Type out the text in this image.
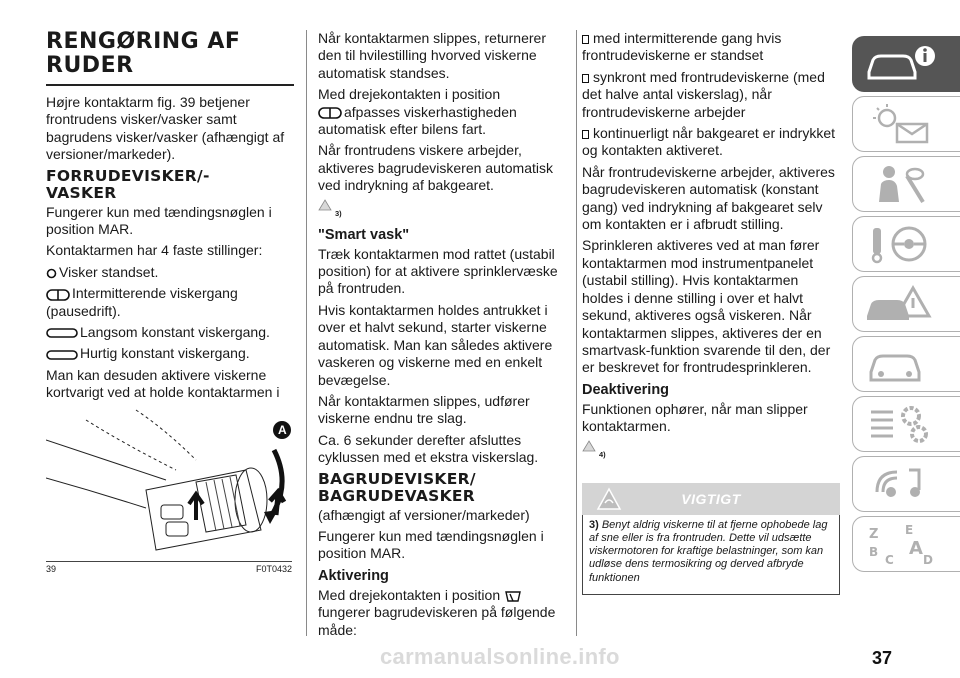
RENGØRING AF
RUDER

Højre kontaktarm fig. 39 betjener frontrudens visker/vasker samt bagrudens visker/vasker (afhængigt af versioner/markeder).

FORRUDEVISKER/-
VASKER

Fungerer kun med tændingsnøglen i position MAR.

Kontaktarmen har 4 faste stillinger:

Visker standset.

Intermitterende viskergang (pausedrift).

Langsom konstant viskergang.

Hurtig konstant viskergang.

Man kan desuden aktivere viskerne kortvarigt ved at holde kontaktarmen i

A
39	F0T0432

Når kontaktarmen slippes, returnerer den til hvilestilling hvorved viskerne automatisk standses.

Med drejekontakten i position
afpasses viskerhastigheden automatisk efter bilens fart.

Når frontrudens viskere arbejder, aktiveres bagrudeviskeren automatisk ved indrykning af bakgearet.

3)
"Smart vask"

Træk kontaktarmen mod rattet (ustabil position) for at aktivere sprinklervæske på frontruden.

Hvis kontaktarmen holdes antrukket i over et halvt sekund, starter viskerne automatisk. Man kan således aktivere vaskeren og viskerne med en enkelt bevægelse.

Når kontaktarmen slippes, udfører viskerne endnu tre slag.

Ca. 6 sekunder derefter afsluttes cyklussen med et ekstra viskerslag.

BAGRUDEVISKER/
BAGRUDEVASKER

(afhængigt af versioner/markeder)

Fungerer kun med tændingsnøglen i position MAR.

Aktivering

Med drejekontakten i position
fungerer bagrudeviskeren på følgende måde:

med intermitterende gang hvis frontrudeviskerne er standset

synkront med frontrudeviskerne (med det halve antal viskerslag), når frontrudeviskerne arbejder

kontinuerligt når bakgearet er indrykket og kontakten aktiveret.

Når frontrudeviskerne arbejder, aktiveres bagrudeviskeren automatisk (konstant gang) ved indrykning af bakgearet selv om kontakten er i afbrudt stilling.

Sprinkleren aktiveres ved at man fører kontaktarmen mod instrumentpanelet (ustabil stilling). Hvis kontaktarmen holdes i denne stilling i over et halvt sekund, aktiveres også viskeren. Når kontaktarmen slippes, aktiveres der en smartvask-funktion svarende til den, der er beskrevet for frontrudesprinkleren.

Deaktivering

Funktionen ophører, når man slipper kontaktarmen.

4)
VIGTIGT
3) Benyt aldrig viskerne til at fjerne ophobede lag af sne eller is fra frontruden. Dette vil udsætte viskermotoren for kraftige belastninger, som kan udløse dens termosikring og derved afbryde funktionen
Z E
B A
C D
carmanualsonline.info	37
